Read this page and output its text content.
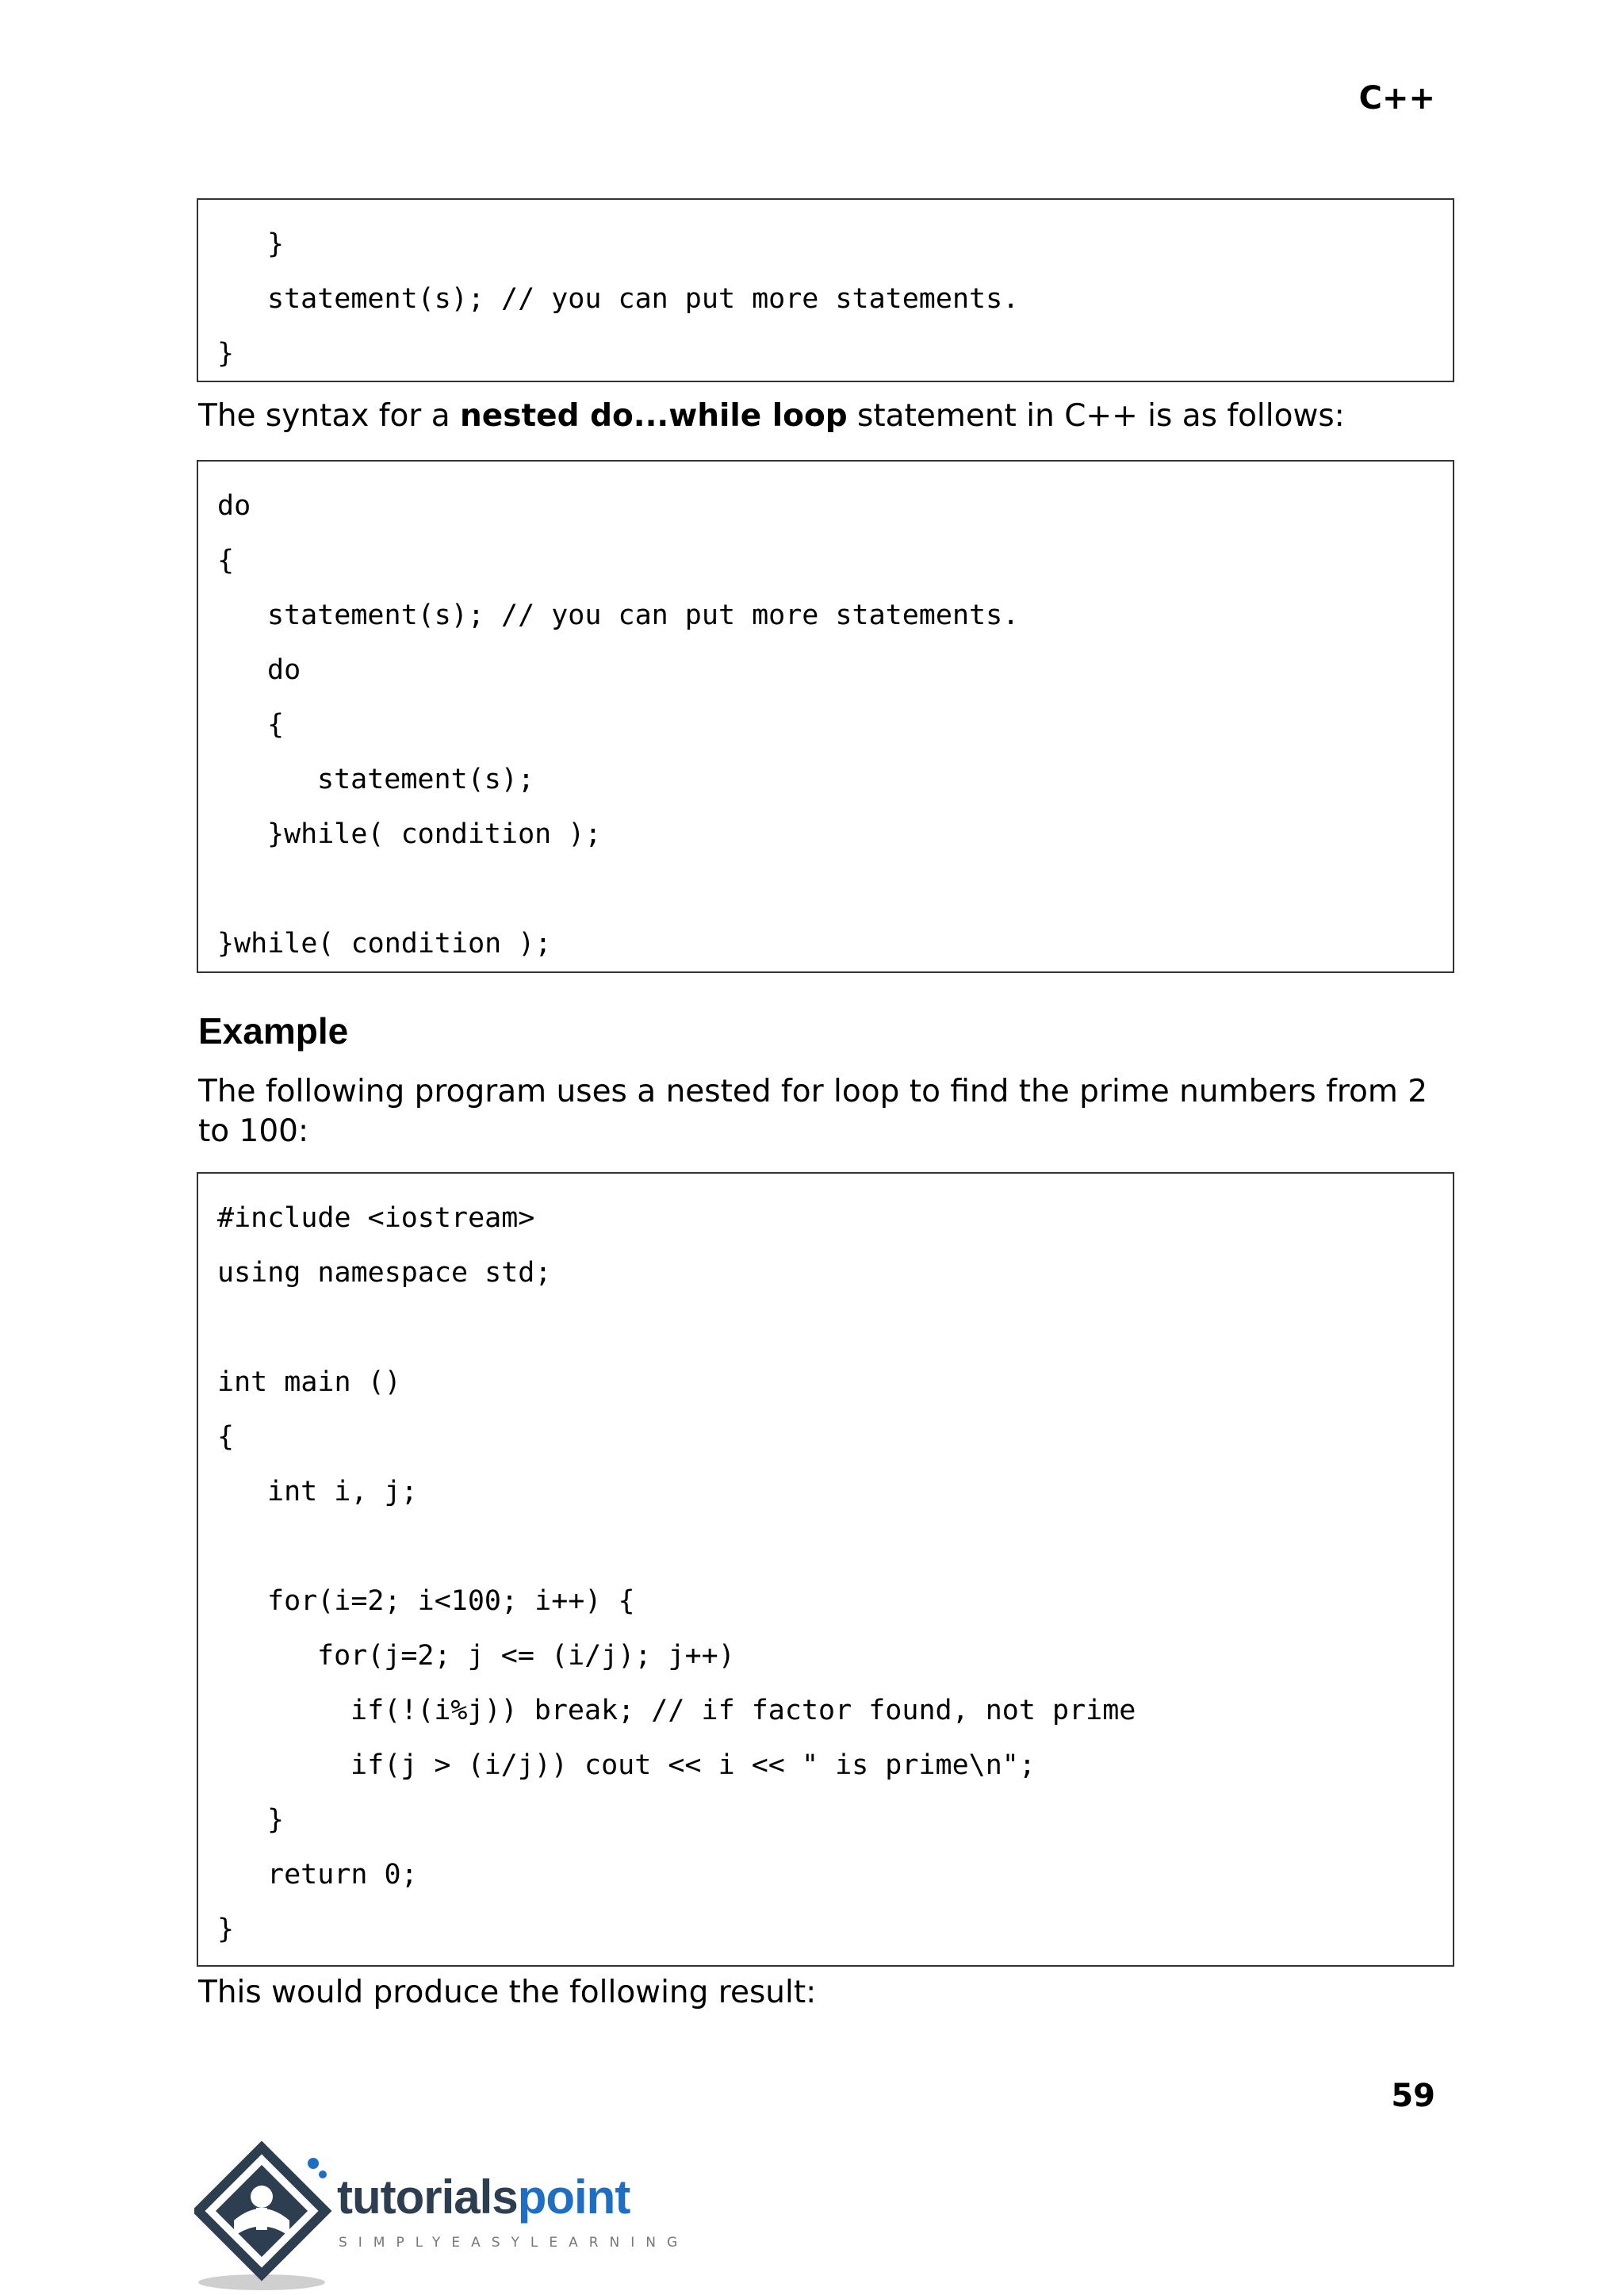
C++
}
statement(s); // you can put more statements.
}
The syntax for a nested do...while loop statement in C++ is as follows:
do
{
statement(s); // you can put more statements.
do
{
statement(s);
}while( condition );
}while( condition );
Example
The following program uses a nested for loop to find the prime numbers from 2 to 100:
#include <iostream>
using namespace std;
int main ()
{
int i, j;
for(i=2; i<100; i++) {
for(j=2; j <= (i/j); j++)
if(!(i%j)) break; // if factor found, not prime
if(j > (i/j)) cout << i << " is prime\n";
}
return 0;
}
This would produce the following result:
59
tutorialspoint
SIMPLYEASYLEARNING
